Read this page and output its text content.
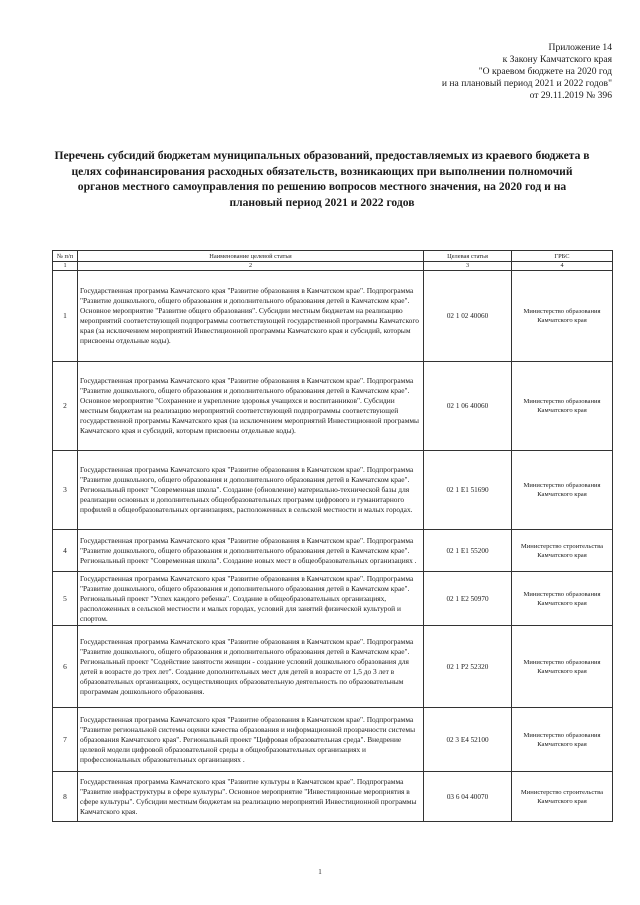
Приложение 14
к Закону Камчатского края
"О краевом бюджете на 2020 год
и на плановый период 2021 и 2022 годов"
от 29.11.2019 № 396
Перечень субсидий бюджетам муниципальных образований, предоставляемых из краевого бюджета в целях софинансирования расходных обязательств, возникающих при выполнении полномочий органов местного самоуправления по решению вопросов местного значения, на 2020 год и на плановый период 2021 и 2022 годов
№ п/п	Наименование целевой статьи	Целевая статья	ГРБС
1	2	3	4
1	Государственная программа Камчатского края "Развитие образования в Камчатском крае". Подпрограмма "Развитие дошкольного, общего образования и дополнительного образования детей в Камчатском крае". Основное мероприятие "Развитие общего образования". Субсидии местным бюджетам на реализацию мероприятий соответствующей подпрограммы соответствующей государственной программы Камчатского края (за исключением мероприятий Инвестиционной программы Камчатского края и субсидий, которым присвоены отдельные коды).	02 1 02 40060	Министерство образования Камчатского края
2	Государственная программа Камчатского края "Развитие образования в Камчатском крае". Подпрограмма "Развитие дошкольного, общего образования и дополнительного образования детей в Камчатском крае". Основное мероприятие "Сохранение и укрепление здоровья учащихся и воспитанников". Субсидии местным бюджетам на реализацию мероприятий соответствующей подпрограммы соответствующей государственной программы Камчатского края (за исключением мероприятий Инвестиционной программы Камчатского края и субсидий, которым присвоены отдельные коды).	02 1 06 40060	Министерство образования Камчатского края
3	Государственная программа Камчатского края "Развитие образования в Камчатском крае". Подпрограмма "Развитие дошкольного, общего образования и дополнительного образования детей в Камчатском крае". Региональный проект "Современная школа". Создание (обновление) материально-технической базы для реализации основных и дополнительных общеобразовательных программ цифрового и гуманитарного профилей в общеобразовательных организациях, расположенных в сельской местности и малых городах.	02 1 E1 51690	Министерство образования Камчатского края
4	Государственная программа Камчатского края "Развитие образования в Камчатском крае". Подпрограмма "Развитие дошкольного, общего образования и дополнительного образования детей в Камчатском крае". Региональный проект "Современная школа". Создание новых мест в общеобразовательных организациях .	02 1 E1 55200	Министерство строительства Камчатского края
5	Государственная программа Камчатского края "Развитие образования в Камчатском крае". Подпрограмма "Развитие дошкольного, общего образования и дополнительного образования детей в Камчатском крае". Региональный проект "Успех каждого ребенка". Создание в общеобразовательных организациях, расположенных в сельской местности и малых городах, условий для занятий физической культурой и спортом.	02 1 E2 50970	Министерство образования Камчатского края
6	Государственная программа Камчатского края "Развитие образования в Камчатском крае". Подпрограмма "Развитие дошкольного, общего образования и дополнительного образования детей в Камчатском крае". Региональный проект "Содействие занятости женщин - создание условий дошкольного образования для детей в возрасте до трех лет". Создание дополнительных мест для детей в возрасте от 1,5 до 3 лет в образовательных организациях, осуществляющих образовательную деятельность по образовательным программам дошкольного образования.	02 1 P2 52320	Министерство образования Камчатского края
7	Государственная программа Камчатского края "Развитие образования в Камчатском крае". Подпрограмма "Развитие региональной системы оценки качества образования и информационной прозрачности системы образования Камчатского края". Региональный проект "Цифровая образовательная среда". Внедрение целевой модели цифровой образовательной среды в общеобразовательных организациях и профессиональных образовательных организациях .	02 3 E4 52100	Министерство образования Камчатского края
8	Государственная программа Камчатского края "Развитие культуры в Камчатском крае". Подпрограмма "Развитие инфраструктуры в сфере культуры". Основное мероприятие "Инвестиционные мероприятия в сфере культуры". Субсидии местным бюджетам на реализацию мероприятий Инвестиционной программы Камчатского края.	03 6 04 40070	Министерство строительства Камчатского края
1
